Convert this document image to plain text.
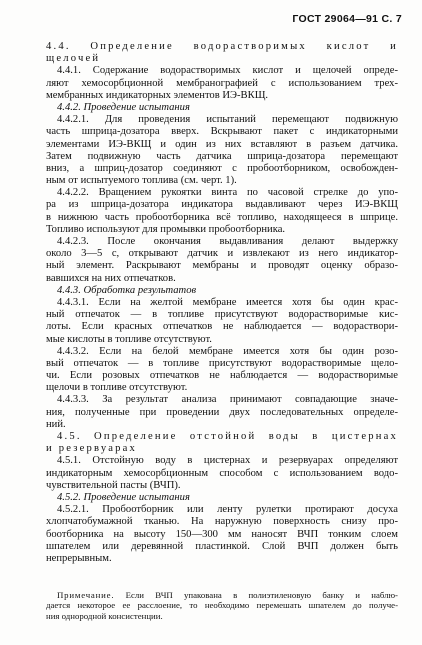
ГОСТ 29064—91 С. 7
4.4. Определение водорастворимых кислот и
щелочей
4.4.1. Содержание водорастворимых кислот и щелочей опреде-
ляют хемосорбционной мембранографией с использованием трех-
мембранных индикаторных элементов ИЭ-ВКЩ.
4.4.2. Проведение испытания
4.4.2.1. Для проведения испытаний перемещают подвижную
часть шприца-дозатора вверх. Вскрывают пакет с индикаторными
элементами ИЭ-ВКЩ и один из них вставляют в разъем датчика.
Затем подвижную часть датчика шприца-дозатора перемещают
вниз, а шприц-дозатор соединяют с пробоотборником, освобожден-
ным от испытуемого топлива (см. черт. 1).
4.4.2.2. Вращением рукоятки винта по часовой стрелке до упо-
ра из шприца-дозатора индикатора выдавливают через ИЭ-ВКЩ
в нижнюю часть пробоотборника всё топливо, находящееся в шприце.
Топливо используют для промывки пробоотборника.
4.4.2.3. После окончания выдавливания делают выдержку
около 3—5 с, открывают датчик и извлекают из него индикатор-
ный элемент. Раскрывают мембраны и проводят оценку образо-
вавшихся на них отпечатков.
4.4.3. Обработка результатов
4.4.3.1. Если на желтой мембране имеется хотя бы один крас-
ный отпечаток — в топливе присутствуют водорастворимые кис-
лоты. Если красных отпечатков не наблюдается — водораствори-
мые кислоты в топливе отсутствуют.
4.4.3.2. Если на белой мембране имеется хотя бы один розо-
вый отпечаток — в топливе присутствуют водорастворимые щело-
чи. Если розовых отпечатков не наблюдается — водорастворимые
щелочи в топливе отсутствуют.
4.4.3.3. За результат анализа принимают совпадающие значе-
ния, полученные при проведении двух последовательных определе-
ний.
4.5. Определение отстойной воды в цистернах
и резервуарах
4.5.1. Отстойную воду в цистернах и резервуарах определяют
индикаторным хемосорбционным способом с использованием водо-
чувствительной пасты (ВЧП).
4.5.2. Проведение испытания
4.5.2.1. Пробоотборник или ленту рулетки протирают досуха
хлопчатобумажной тканью. На наружную поверхность снизу про-
боотборника на высоту 150—300 мм наносят ВЧП тонким слоем
шпателем или деревянной пластинкой. Слой ВЧП должен быть
непрерывным.
Примечание. Если ВЧП упакована в полиэтиленовую банку и наблю-
дается некоторое ее расслоение, то необходимо перемешать шпателем до получе-
ния однородной консистенции.
